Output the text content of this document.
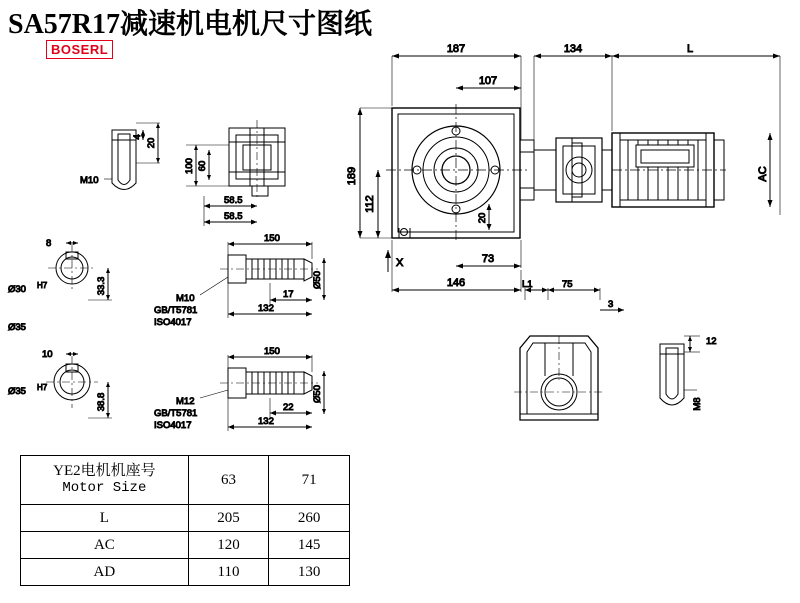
SA57R17减速机电机尺寸图纸
BOSERL	187
107
134	L
AC
189
112
20
73
146
X
M10
4
20
100 60
58.5
58.5
8
Ø30 H7	33.3
Ø35
10
Ø35 H7
38.8
150
17
132
M10
GB/T5781
ISO4017
Ø50
150
22
132
M12
GB/T5781
ISO4017
Ø50
L1	75
3
12
M8
YE2电机机座号
Motor Size	63	71
L	205	260
AC	120	145
AD	110	130
